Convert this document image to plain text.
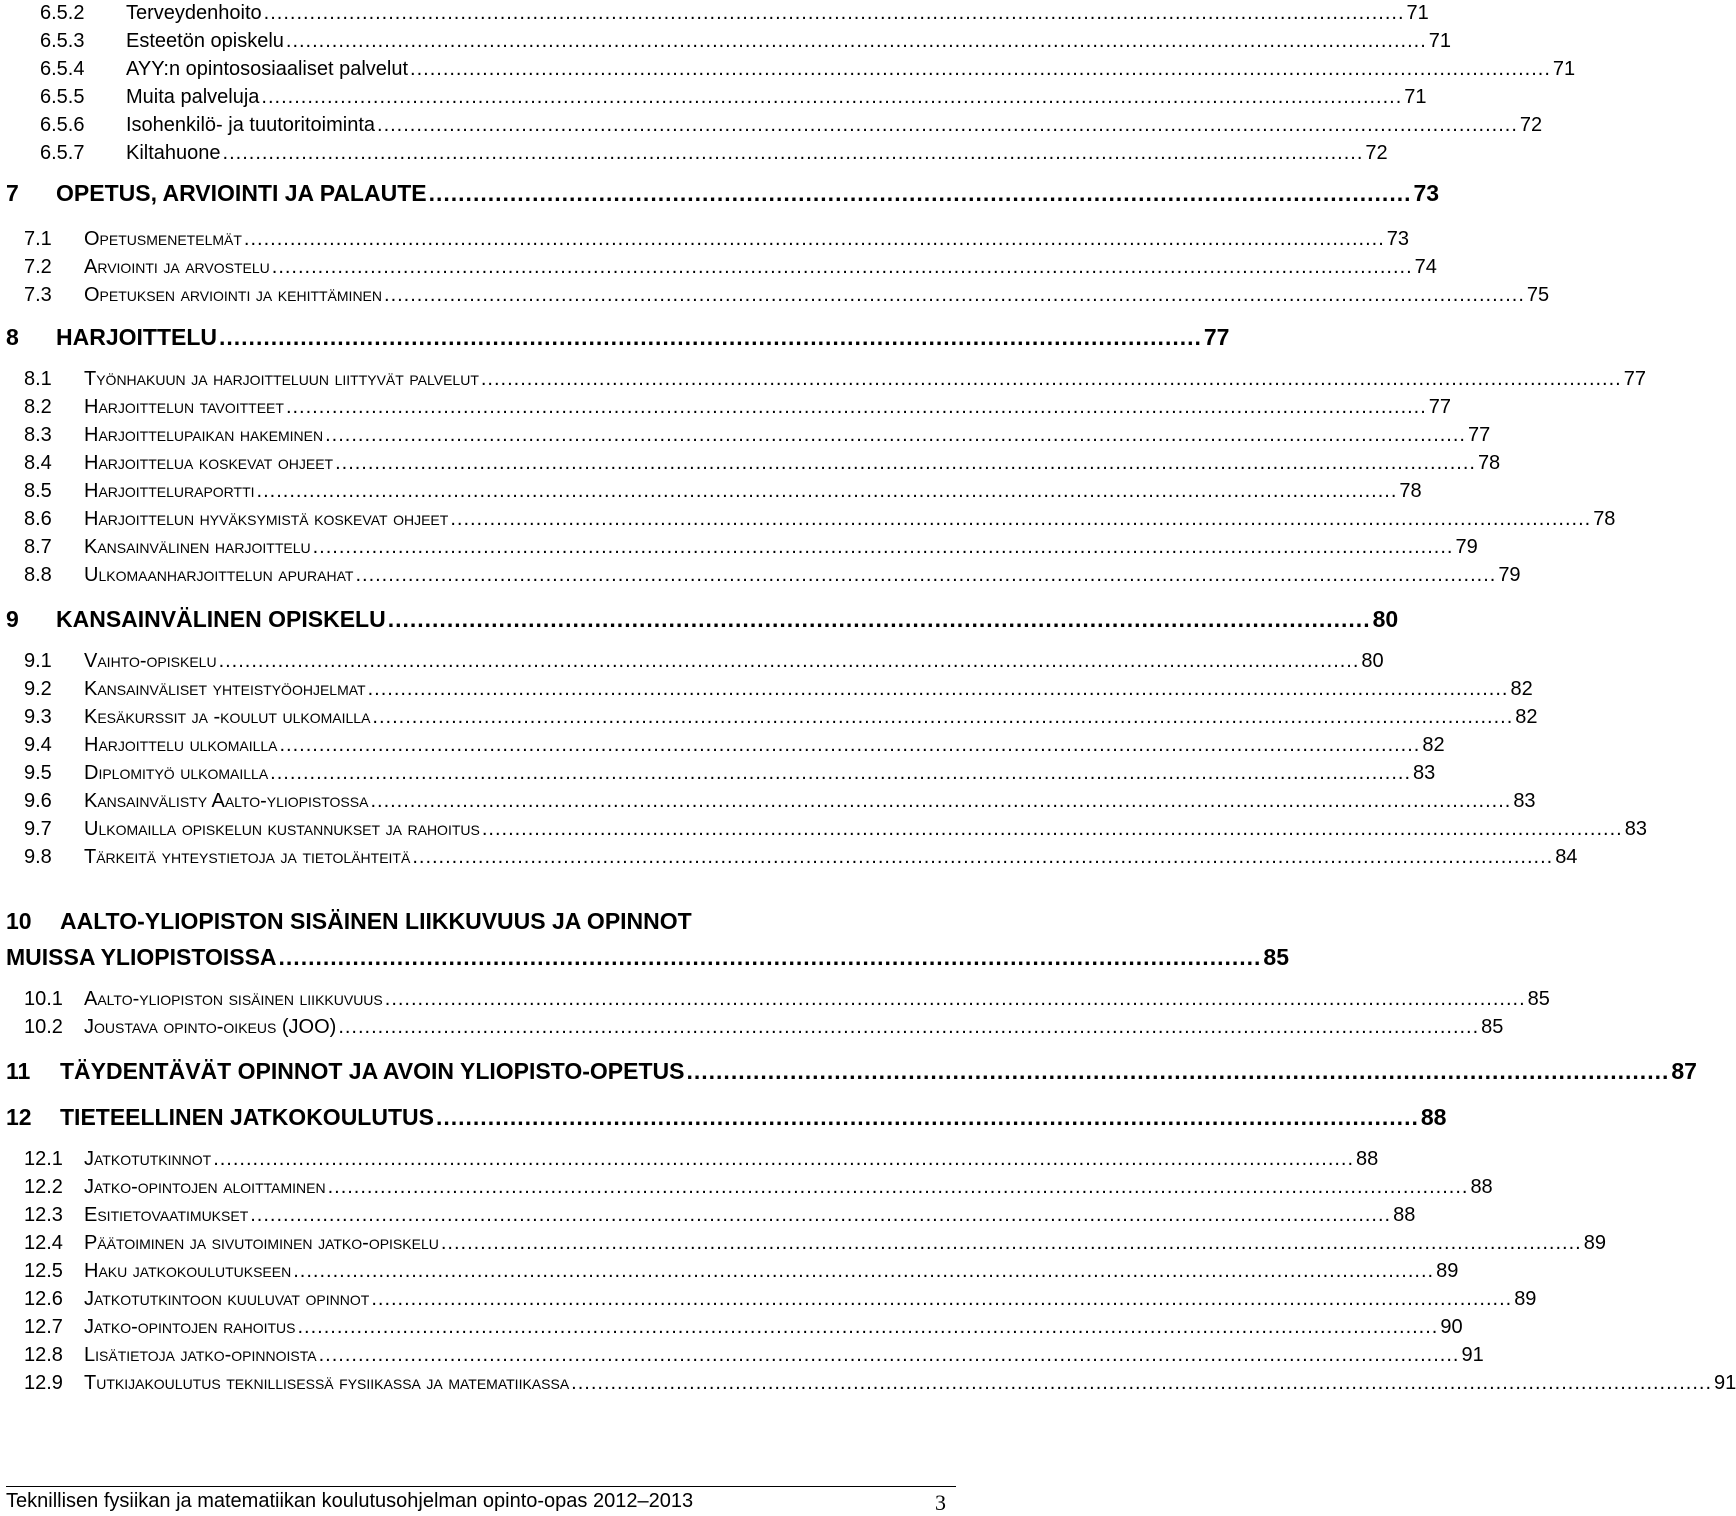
6.5.2	Terveydenhoito .............................................................................................................................................................................. 71
6.5.3	Esteetön opiskelu .............................................................................................................................................................................. 71
6.5.4	AYY:n opintososiaaliset palvelut .............................................................................................................................................................................. 71
6.5.5	Muita palveluja .............................................................................................................................................................................. 71
6.5.6	Isohenkilö- ja tuutoritoiminta .............................................................................................................................................................................. 72
6.5.7	Kiltahuone .............................................................................................................................................................................. 72
7	OPETUS, ARVIOINTI JA PALAUTE ..................................................................................................................................... 73
7.1	Opetusmenetelmät .............................................................................................................................................................................. 73
7.2	Arviointi ja arvostelu .............................................................................................................................................................................. 74
7.3	Opetuksen arviointi ja kehittäminen .............................................................................................................................................................................. 75
8	HARJOITTELU ..................................................................................................................................... 77
8.1	Työnhakuun ja harjoitteluun liittyvät palvelut .............................................................................................................................................................................. 77
8.2	Harjoittelun tavoitteet .............................................................................................................................................................................. 77
8.3	Harjoittelupaikan hakeminen .............................................................................................................................................................................. 77
8.4	Harjoittelua koskevat ohjeet .............................................................................................................................................................................. 78
8.5	Harjoitteluraportti .............................................................................................................................................................................. 78
8.6	Harjoittelun hyväksymistä koskevat ohjeet .............................................................................................................................................................................. 78
8.7	Kansainvälinen harjoittelu .............................................................................................................................................................................. 79
8.8	Ulkomaanharjoittelun apurahat .............................................................................................................................................................................. 79
9	KANSAINVÄLINEN OPISKELU ..................................................................................................................................... 80
9.1	Vaihto-opiskelu .............................................................................................................................................................................. 80
9.2	Kansainväliset yhteistyöohjelmat .............................................................................................................................................................................. 82
9.3	Kesäkurssit ja -koulut ulkomailla .............................................................................................................................................................................. 82
9.4	Harjoittelu ulkomailla .............................................................................................................................................................................. 82
9.5	Diplomityö ulkomailla .............................................................................................................................................................................. 83
9.6	Kansainvälisty Aalto-yliopistossa .............................................................................................................................................................................. 83
9.7	Ulkomailla opiskelun kustannukset ja rahoitus .............................................................................................................................................................................. 83
9.8	Tärkeitä yhteystietoja ja tietolähteitä .............................................................................................................................................................................. 84
10 AALTO-YLIOPISTON SISÄINEN LIIKKUVUUS JA OPINNOT
MUISSA YLIOPISTOISSA ..................................................................................................................................... 85
10.1	Aalto-yliopiston sisäinen liikkuvuus .............................................................................................................................................................................. 85
10.2	Joustava opinto-oikeus (JOO) .............................................................................................................................................................................. 85
11	TÄYDENTÄVÄT OPINNOT JA AVOIN YLIOPISTO-OPETUS ..................................................................................................................................... 87
12	TIETEELLINEN JATKOKOULUTUS ..................................................................................................................................... 88
12.1	Jatkotutkinnot .............................................................................................................................................................................. 88
12.2	Jatko-opintojen aloittaminen .............................................................................................................................................................................. 88
12.3	Esitietovaatimukset .............................................................................................................................................................................. 88
12.4	Päätoiminen ja sivutoiminen jatko-opiskelu .............................................................................................................................................................................. 89
12.5	Haku jatkokoulutukseen .............................................................................................................................................................................. 89
12.6	Jatkotutkintoon kuuluvat opinnot .............................................................................................................................................................................. 89
12.7	Jatko-opintojen rahoitus .............................................................................................................................................................................. 90
12.8	Lisätietoja jatko-opinnoista .............................................................................................................................................................................. 91
12.9	Tutkijakoulutus teknillisessä fysiikassa ja matematiikassa .............................................................................................................................................................................. 91
Teknillisen fysiikan ja matematiikan koulutusohjelman opinto-opas 2012–2013	3
